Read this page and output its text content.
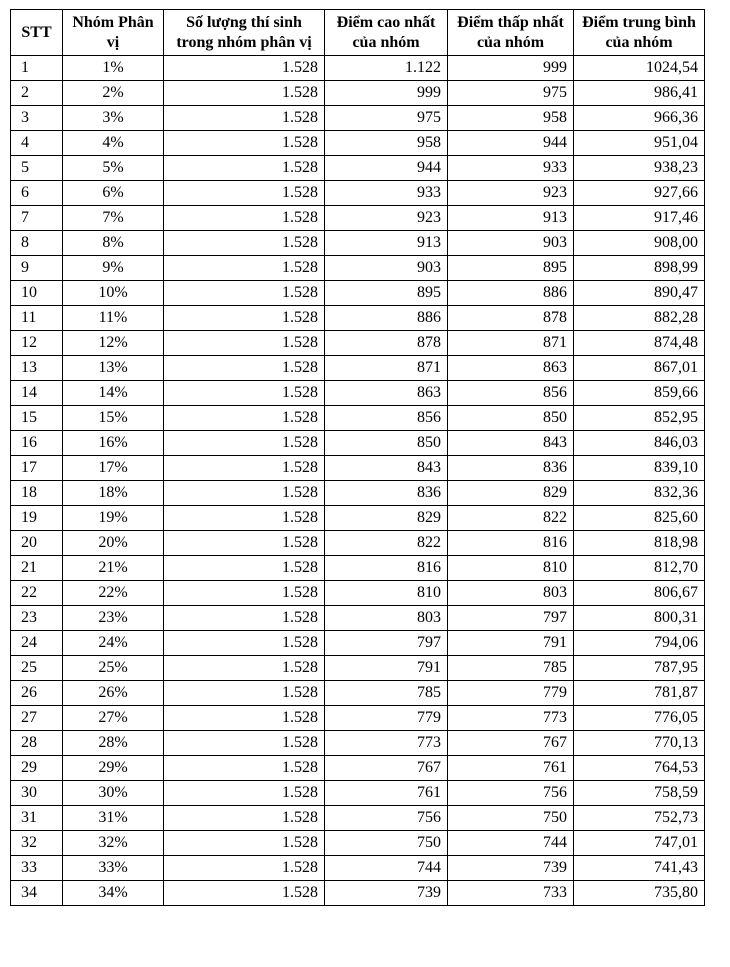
STT	Nhóm Phân vị	Số lượng thí sinh trong nhóm phân vị	Điểm cao nhất của nhóm	Điểm thấp nhất của nhóm	Điểm trung bình của nhóm
1	1%	1.528	1.122	999	1024,54
2	2%	1.528	999	975	986,41
3	3%	1.528	975	958	966,36
4	4%	1.528	958	944	951,04
5	5%	1.528	944	933	938,23
6	6%	1.528	933	923	927,66
7	7%	1.528	923	913	917,46
8	8%	1.528	913	903	908,00
9	9%	1.528	903	895	898,99
10	10%	1.528	895	886	890,47
11	11%	1.528	886	878	882,28
12	12%	1.528	878	871	874,48
13	13%	1.528	871	863	867,01
14	14%	1.528	863	856	859,66
15	15%	1.528	856	850	852,95
16	16%	1.528	850	843	846,03
17	17%	1.528	843	836	839,10
18	18%	1.528	836	829	832,36
19	19%	1.528	829	822	825,60
20	20%	1.528	822	816	818,98
21	21%	1.528	816	810	812,70
22	22%	1.528	810	803	806,67
23	23%	1.528	803	797	800,31
24	24%	1.528	797	791	794,06
25	25%	1.528	791	785	787,95
26	26%	1.528	785	779	781,87
27	27%	1.528	779	773	776,05
28	28%	1.528	773	767	770,13
29	29%	1.528	767	761	764,53
30	30%	1.528	761	756	758,59
31	31%	1.528	756	750	752,73
32	32%	1.528	750	744	747,01
33	33%	1.528	744	739	741,43
34	34%	1.528	739	733	735,80
